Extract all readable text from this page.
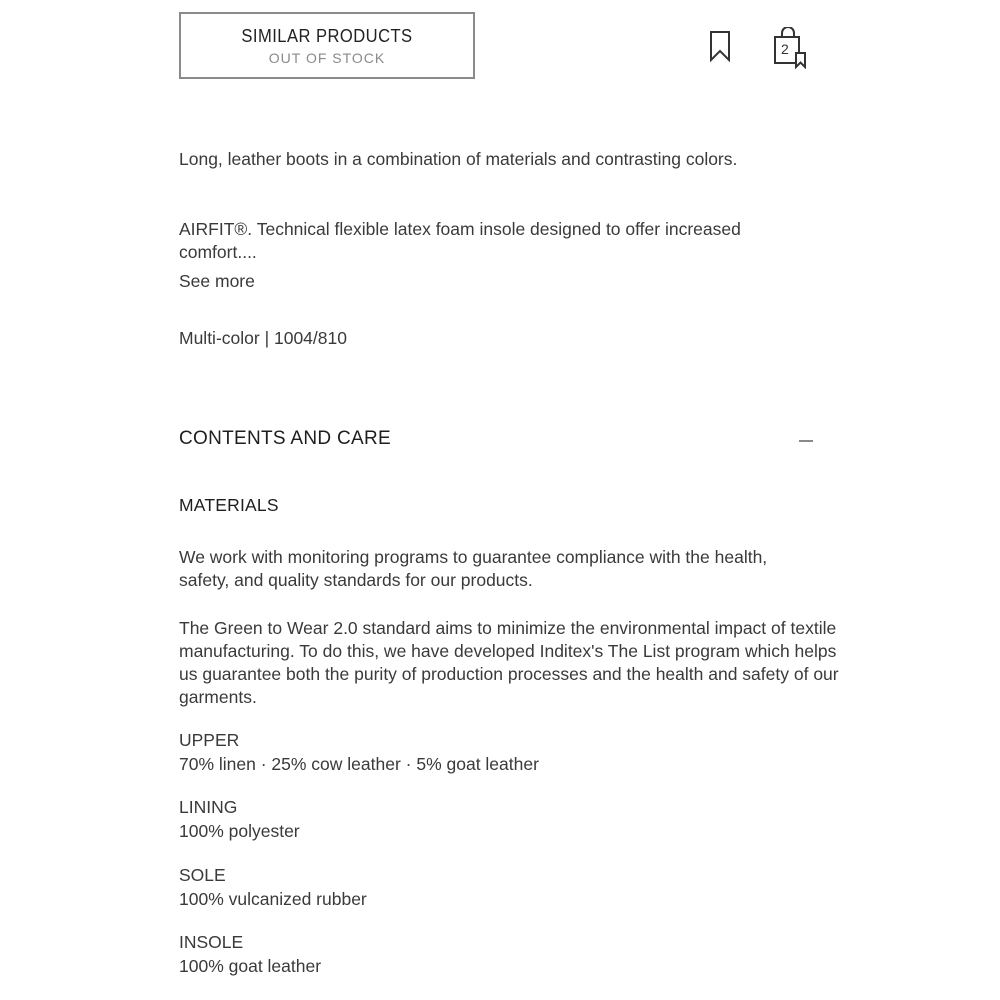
SIMILAR PRODUCTS
OUT OF STOCK
2
Long, leather boots in a combination of materials and contrasting colors.
AIRFIT®. Technical flexible latex foam insole designed to offer increased comfort....
See more
Multi-color | 1004/810
CONTENTS AND CARE
MATERIALS
We work with monitoring programs to guarantee compliance with the health, safety, and quality standards for our products.
The Green to Wear 2.0 standard aims to minimize the environmental impact of textile manufacturing. To do this, we have developed Inditex's The List program which helps us guarantee both the purity of production processes and the health and safety of our garments.
UPPER
70% linen · 25% cow leather · 5% goat leather
LINING
100% polyester
SOLE
100% vulcanized rubber
INSOLE
100% goat leather
